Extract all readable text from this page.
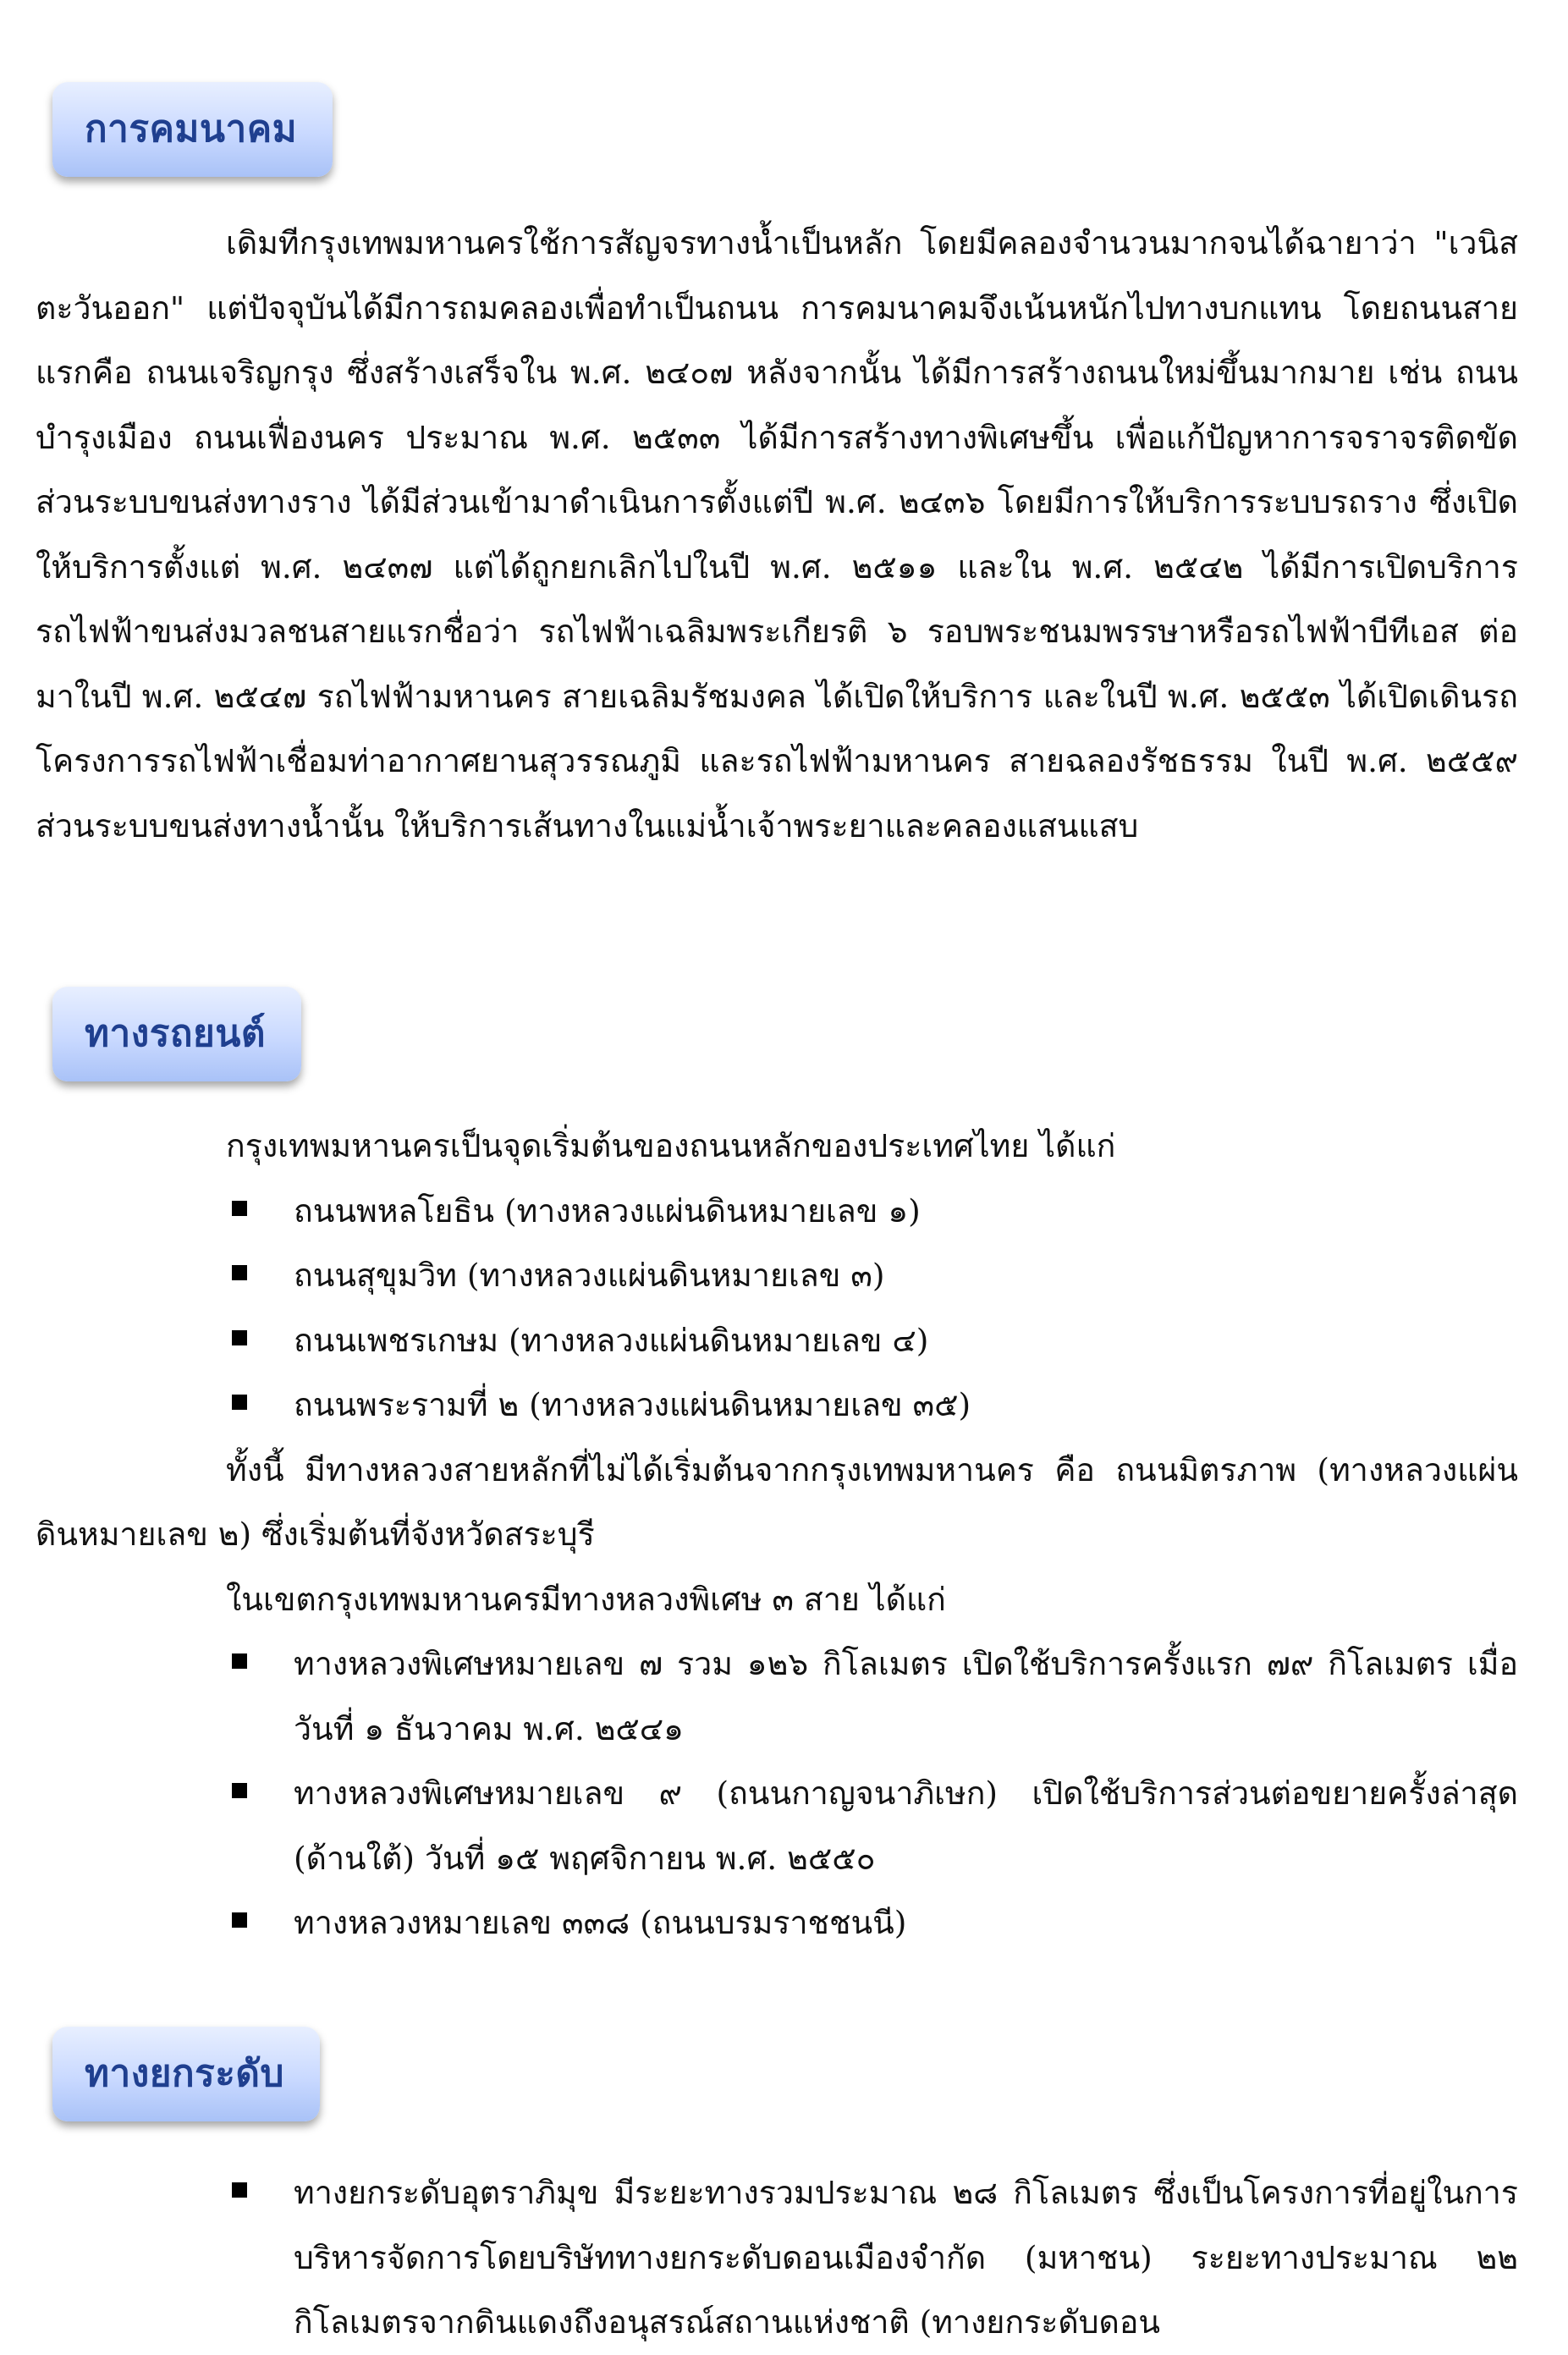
การคมนาคม

เดิมทีกรุงเทพมหานครใช้การสัญจรทางน้ำเป็นหลัก โดยมีคลองจำนวนมากจนได้ฉายาว่า "เวนิสตะวันออก" แต่ปัจจุบันได้มีการถมคลองเพื่อทำเป็นถนน การคมนาคมจึงเน้นหนักไปทางบกแทน โดยถนนสายแรกคือ ถนนเจริญกรุง ซึ่งสร้างเสร็จใน พ.ศ. ๒๔๐๗ หลังจากนั้น ได้มีการสร้างถนนใหม่ขึ้นมากมาย เช่น ถนนบำรุงเมือง ถนนเฟื่องนคร ประมาณ พ.ศ. ๒๕๓๓ ได้มีการสร้างทางพิเศษขึ้น เพื่อแก้ปัญหาการจราจรติดขัด ส่วนระบบขนส่งทางราง ได้มีส่วนเข้ามาดำเนินการตั้งแต่ปี พ.ศ. ๒๔๓๖ โดยมีการให้บริการระบบรถราง ซึ่งเปิดให้บริการตั้งแต่ พ.ศ. ๒๔๓๗ แต่ได้ถูกยกเลิกไปในปี พ.ศ. ๒๕๑๑ และใน พ.ศ. ๒๕๔๒ ได้มีการเปิดบริการรถไฟฟ้าขนส่งมวลชนสายแรกชื่อว่า รถไฟฟ้าเฉลิมพระเกียรติ ๖ รอบพระชนมพรรษาหรือรถไฟฟ้าบีทีเอส ต่อมาในปี พ.ศ. ๒๕๔๗ รถไฟฟ้ามหานคร สายเฉลิมรัชมงคล ได้เปิดให้บริการ และในปี พ.ศ. ๒๕๕๓ ได้เปิดเดินรถโครงการรถไฟฟ้าเชื่อมท่าอากาศยานสุวรรณภูมิ และรถไฟฟ้ามหานคร สายฉลองรัชธรรม ในปี พ.ศ. ๒๕๕๙ ส่วนระบบขนส่งทางน้ำนั้น ให้บริการเส้นทางในแม่น้ำเจ้าพระยาและคลองแสนแสบ

ทางรถยนต์

กรุงเทพมหานครเป็นจุดเริ่มต้นของถนนหลักของประเทศไทย ได้แก่

ถนนพหลโยธิน (ทางหลวงแผ่นดินหมายเลข ๑)
ถนนสุขุมวิท (ทางหลวงแผ่นดินหมายเลข ๓)
ถนนเพชรเกษม (ทางหลวงแผ่นดินหมายเลข ๔)
ถนนพระรามที่ ๒ (ทางหลวงแผ่นดินหมายเลข ๓๕)

ทั้งนี้ มีทางหลวงสายหลักที่ไม่ได้เริ่มต้นจากกรุงเทพมหานคร คือ ถนนมิตรภาพ (ทางหลวงแผ่นดินหมายเลข ๒) ซึ่งเริ่มต้นที่จังหวัดสระบุรี

ในเขตกรุงเทพมหานครมีทางหลวงพิเศษ ๓ สาย ได้แก่

ทางหลวงพิเศษหมายเลข ๗ รวม ๑๒๖ กิโลเมตร เปิดใช้บริการครั้งแรก ๗๙ กิโลเมตร เมื่อวันที่ ๑ ธันวาคม พ.ศ. ๒๕๔๑
ทางหลวงพิเศษหมายเลข ๙ (ถนนกาญจนาภิเษก) เปิดใช้บริการส่วนต่อขยายครั้งล่าสุด (ด้านใต้) วันที่ ๑๕ พฤศจิกายน พ.ศ. ๒๕๕๐
ทางหลวงหมายเลข ๓๓๘ (ถนนบรมราชชนนี)
ทางยกระดับ
ทางยกระดับอุตราภิมุข มีระยะทางรวมประมาณ ๒๘ กิโลเมตร ซึ่งเป็นโครงการที่อยู่ในการบริหารจัดการโดยบริษัททางยกระดับดอนเมืองจำกัด (มหาชน) ระยะทางประมาณ ๒๒ กิโลเมตรจากดินแดงถึงอนุสรณ์สถานแห่งชาติ (ทางยกระดับดอน
